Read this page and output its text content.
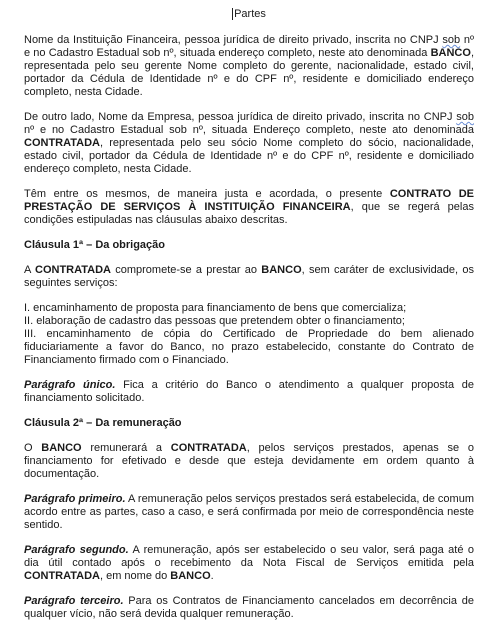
Partes

Nome da Instituição Financeira, pessoa jurídica de direito privado, inscrita no CNPJ sob nº e no Cadastro Estadual sob nº, situada endereço completo, neste ato denominada BANCO, representada pelo seu gerente Nome completo do gerente, nacionalidade, estado civil, portador da Cédula de Identidade nº e do CPF nº, residente e domiciliado endereço completo, nesta Cidade.

De outro lado, Nome da Empresa, pessoa jurídica de direito privado, inscrita no CNPJ sob nº e no Cadastro Estadual sob nº, situada Endereço completo, neste ato denominada CONTRATADA, representada pelo seu sócio Nome completo do sócio, nacionalidade, estado civil, portador da Cédula de Identidade nº e do CPF nº, residente e domiciliado endereço completo, nesta Cidade.

Têm entre os mesmos, de maneira justa e acordada, o presente CONTRATO DE PRESTAÇÃO DE SERVIÇOS À INSTITUIÇÃO FINANCEIRA, que se regerá pelas condições estipuladas nas cláusulas abaixo descritas.

Cláusula 1ª – Da obrigação

A CONTRATADA compromete-se a prestar ao BANCO, sem caráter de exclusividade, os seguintes serviços:

I. encaminhamento de proposta para financiamento de bens que comercializa;
II. elaboração de cadastro das pessoas que pretendem obter o financiamento;
III. encaminhamento de cópia do Certificado de Propriedade do bem alienado fiduciariamente a favor do Banco, no prazo estabelecido, constante do Contrato de Financiamento firmado com o Financiado.

Parágrafo único. Fica a critério do Banco o atendimento a qualquer proposta de financiamento solicitado.

Cláusula 2ª – Da remuneração

O BANCO remunerará a CONTRATADA, pelos serviços prestados, apenas se o financiamento for efetivado e desde que esteja devidamente em ordem quanto à documentação.

Parágrafo primeiro. A remuneração pelos serviços prestados será estabelecida, de comum acordo entre as partes, caso a caso, e será confirmada por meio de correspondência neste sentido.

Parágrafo segundo. A remuneração, após ser estabelecido o seu valor, será paga até o dia útil contado após o recebimento da Nota Fiscal de Serviços emitida pela CONTRATADA, em nome do BANCO.

Parágrafo terceiro. Para os Contratos de Financiamento cancelados em decorrência de qualquer vício, não será devida qualquer remuneração.
